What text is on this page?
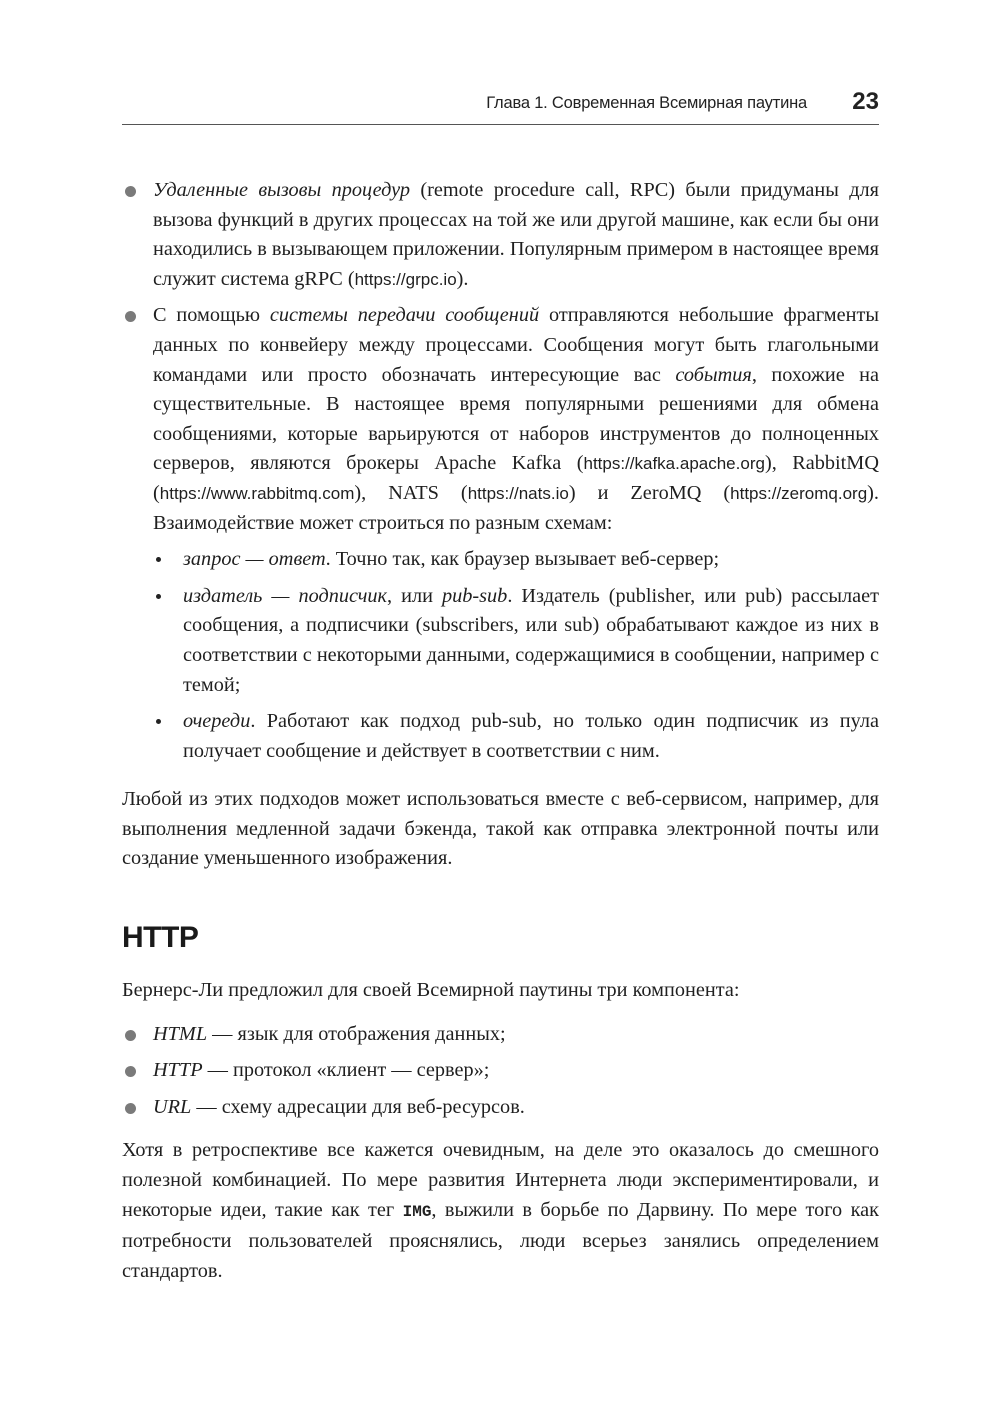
Глава 1. Современная Всемирная паутина 23
Удаленные вызовы процедур (remote procedure call, RPC) были придуманы для вызова функций в других процессах на той же или другой машине, как если бы они находились в вызывающем приложении. Популярным примером в настоящее время служит система gRPC (https://grpc.io).
С помощью системы передачи сообщений отправляются небольшие фрагменты данных по конвейеру между процессами. Сообщения могут быть глагольными командами или просто обозначать интересующие вас события, похожие на существительные. В настоящее время популярными решениями для обмена сообщениями, которые варьируются от наборов инструментов до полноценных серверов, являются брокеры Apache Kafka (https://kafka.apache.org), RabbitMQ (https://www.rabbitmq.com), NATS (https://nats.io) и ZeroMQ (https://zeromq.org). Взаимодействие может строиться по разным схемам:
запрос — ответ. Точно так, как браузер вызывает веб-сервер;
издатель — подписчик, или pub-sub. Издатель (publisher, или pub) рассылает сообщения, а подписчики (subscribers, или sub) обрабатывают каждое из них в соответствии с некоторыми данными, содержащимися в сообщении, например с темой;
очереди. Работают как подход pub-sub, но только один подписчик из пула получает сообщение и действует в соответствии с ним.

Любой из этих подходов может использоваться вместе с веб-сервисом, например, для выполнения медленной задачи бэкенда, такой как отправка электронной почты или создание уменьшенного изображения.

HTTP

Бернерс-Ли предложил для своей Всемирной паутины три компонента:

HTML — язык для отображения данных;
HTTP — протокол «клиент — сервер»;
URL — схему адресации для веб-ресурсов.

Хотя в ретроспективе все кажется очевидным, на деле это оказалось до смешного полезной комбинацией. По мере развития Интернета люди экспериментировали, и некоторые идеи, такие как тег IMG, выжили в борьбе по Дарвину. По мере того как потребности пользователей прояснялись, люди всерьез занялись определением стандартов.
